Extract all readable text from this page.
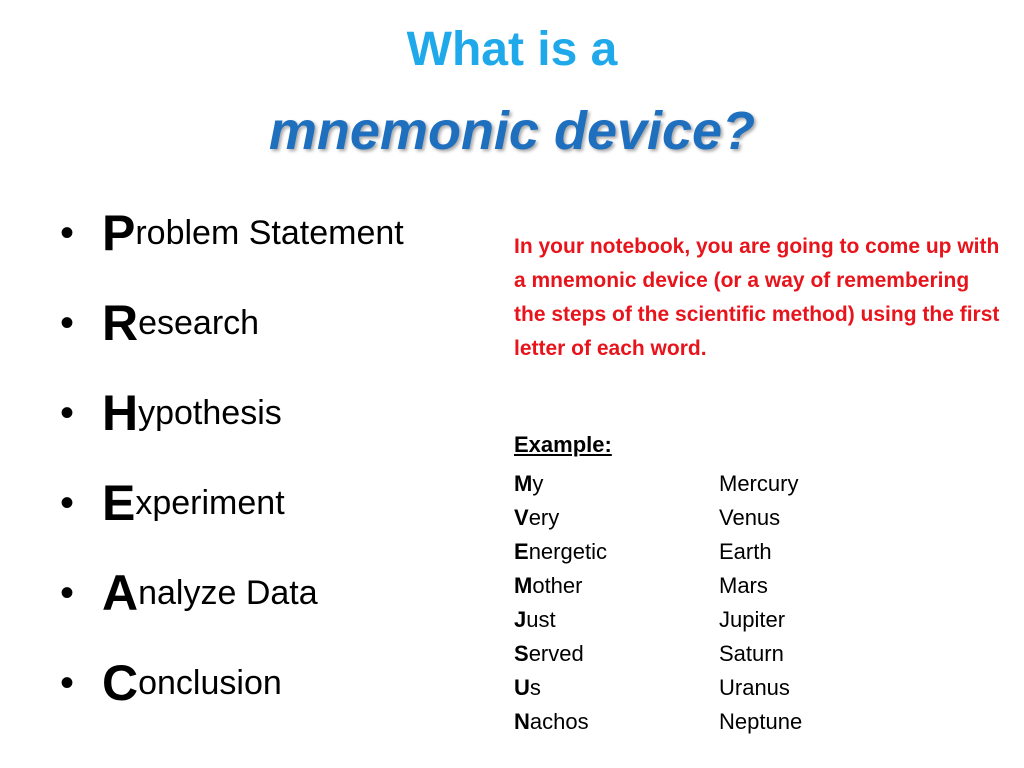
What is a
mnemonic device?
• P roblem Statement
• R esearch
• H ypothesis
• E xperiment
• A nalyze Data
• C onclusion
In your notebook, you are going to come up with a mnemonic device (or a way of remembering the steps of the scientific method) using the first letter of each word.
Example:
My	Mercury
Very	Venus
Energetic	Earth
Mother	Mars
Just	Jupiter
Served	Saturn
Us	Uranus
Nachos	Neptune
